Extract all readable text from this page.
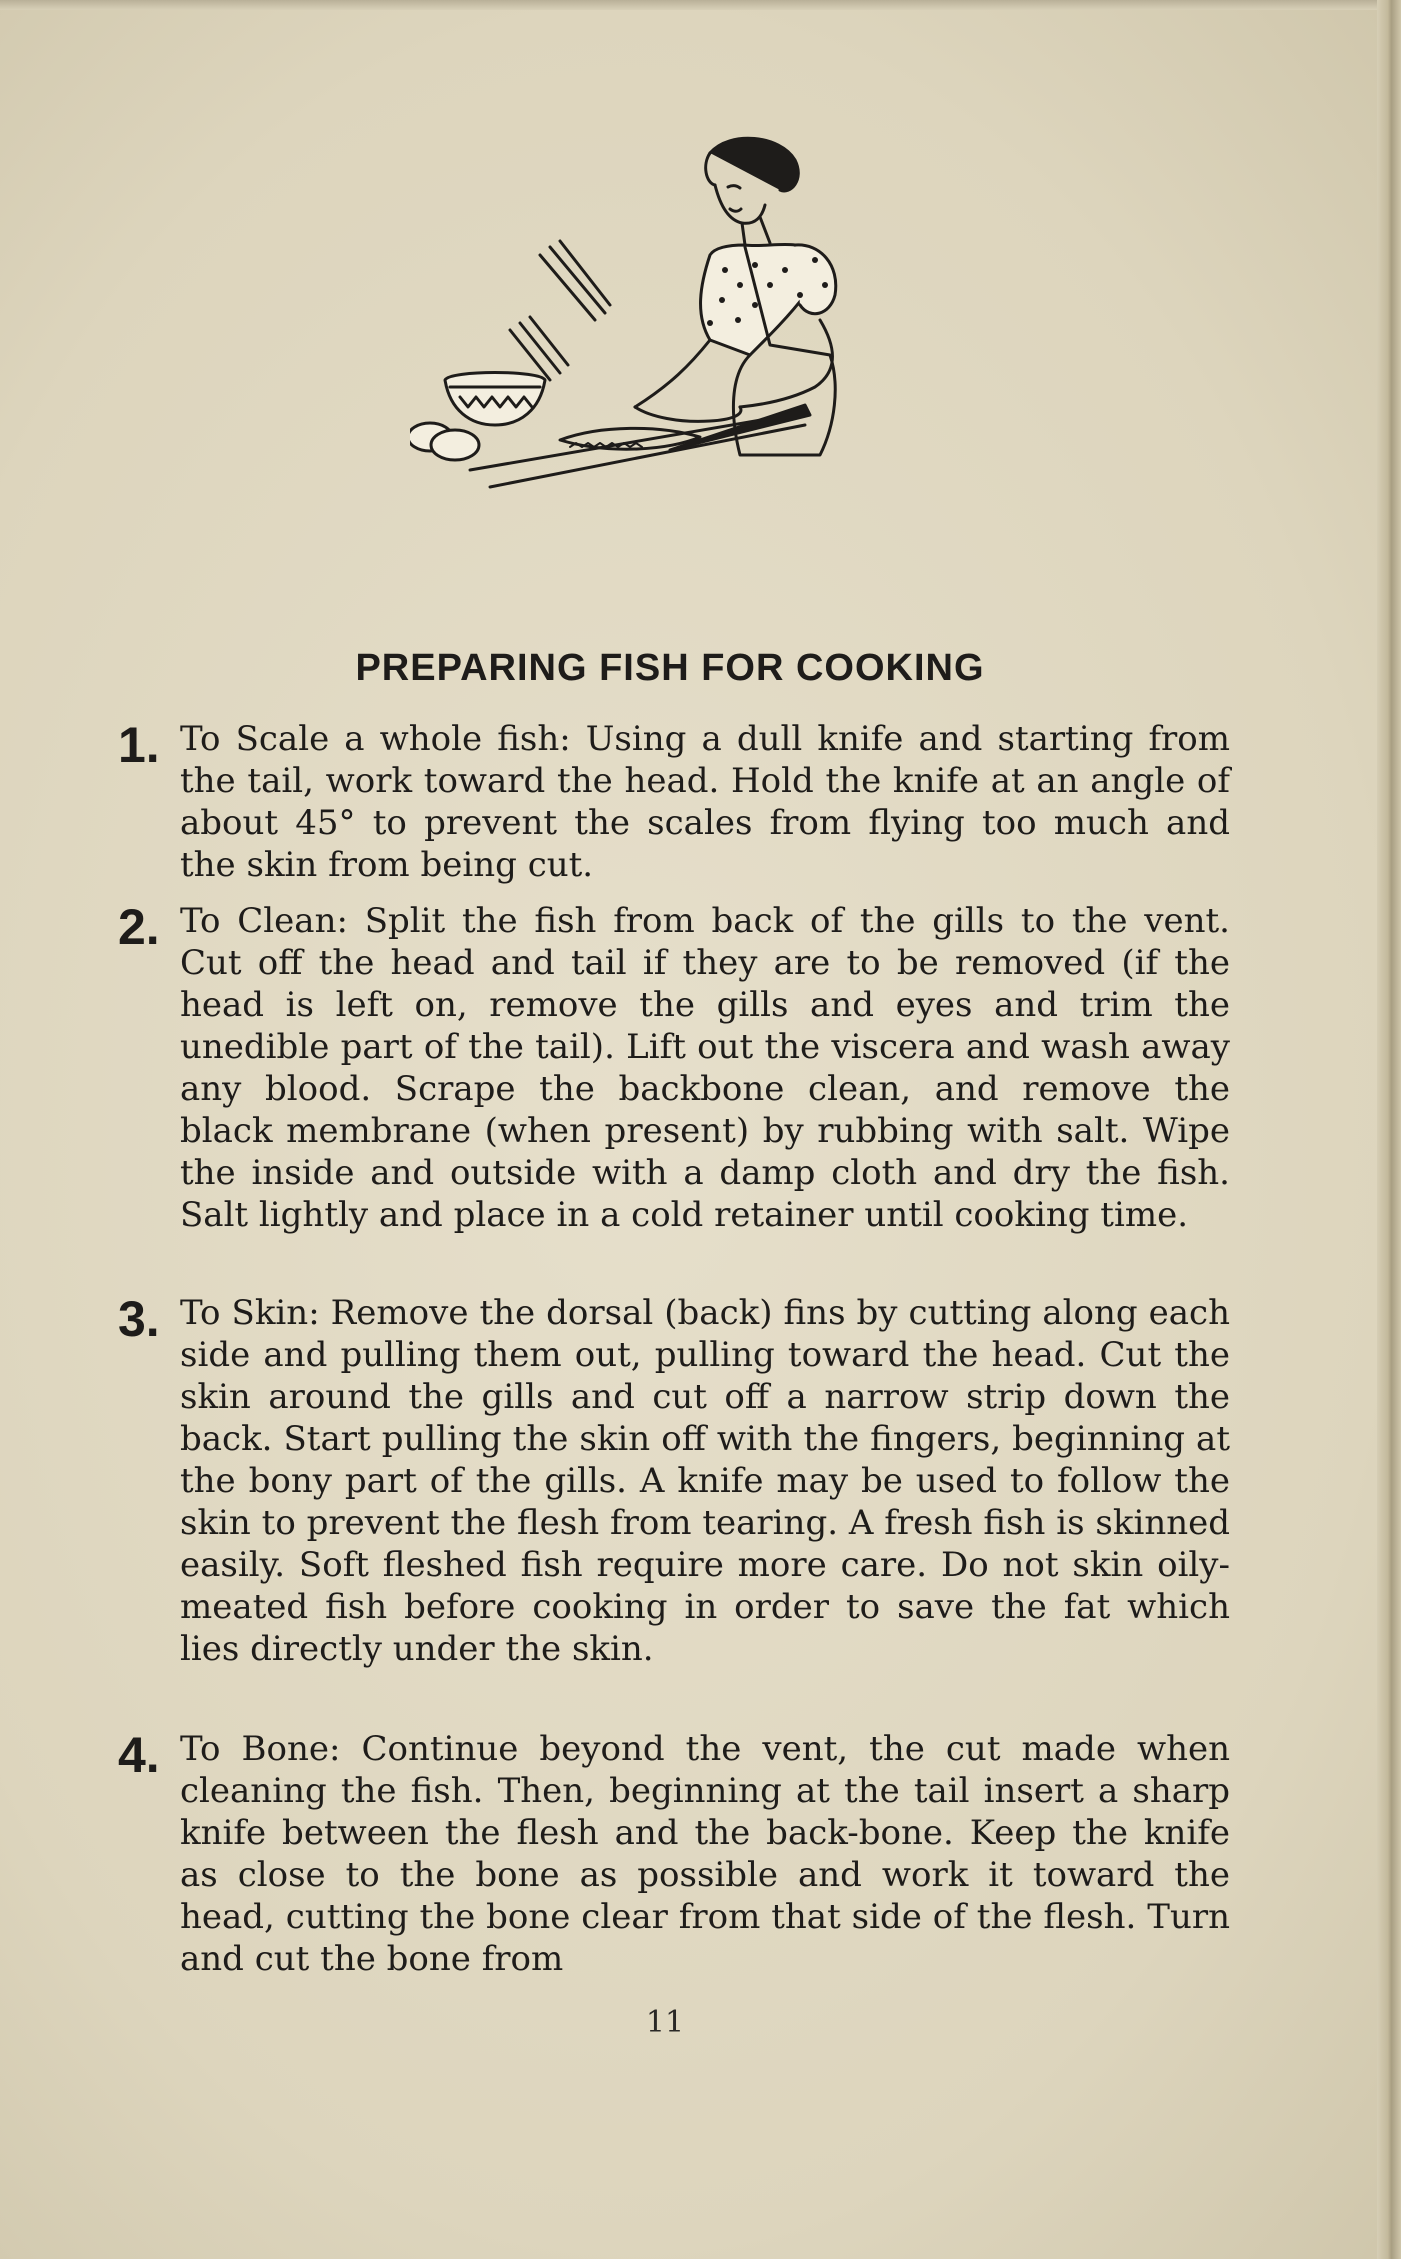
PREPARING FISH FOR COOKING
1. To Scale a whole fish: Using a dull knife and starting from the tail, work toward the head. Hold the knife at an angle of about 45° to prevent the scales from flying too much and the skin from being cut.

2. To Clean: Split the fish from back of the gills to the vent. Cut off the head and tail if they are to be removed (if the head is left on, remove the gills and eyes and trim the unedible part of the tail). Lift out the viscera and wash away any blood. Scrape the backbone clean, and remove the black membrane (when present) by rubbing with salt. Wipe the inside and outside with a damp cloth and dry the fish. Salt lightly and place in a cold retainer until cooking time.

3. To Skin: Remove the dorsal (back) fins by cutting along each side and pulling them out, pulling toward the head. Cut the skin around the gills and cut off a narrow strip down the back. Start pulling the skin off with the fingers, beginning at the bony part of the gills. A knife may be used to follow the skin to prevent the flesh from tearing. A fresh fish is skinned easily. Soft fleshed fish require more care. Do not skin oily-meated fish before cooking in order to save the fat which lies directly under the skin.

4. To Bone: Continue beyond the vent, the cut made when cleaning the fish. Then, beginning at the tail insert a sharp knife between the flesh and the back-bone. Keep the knife as close to the bone as possible and work it toward the head, cutting the bone clear from that side of the flesh. Turn and cut the bone from

11
